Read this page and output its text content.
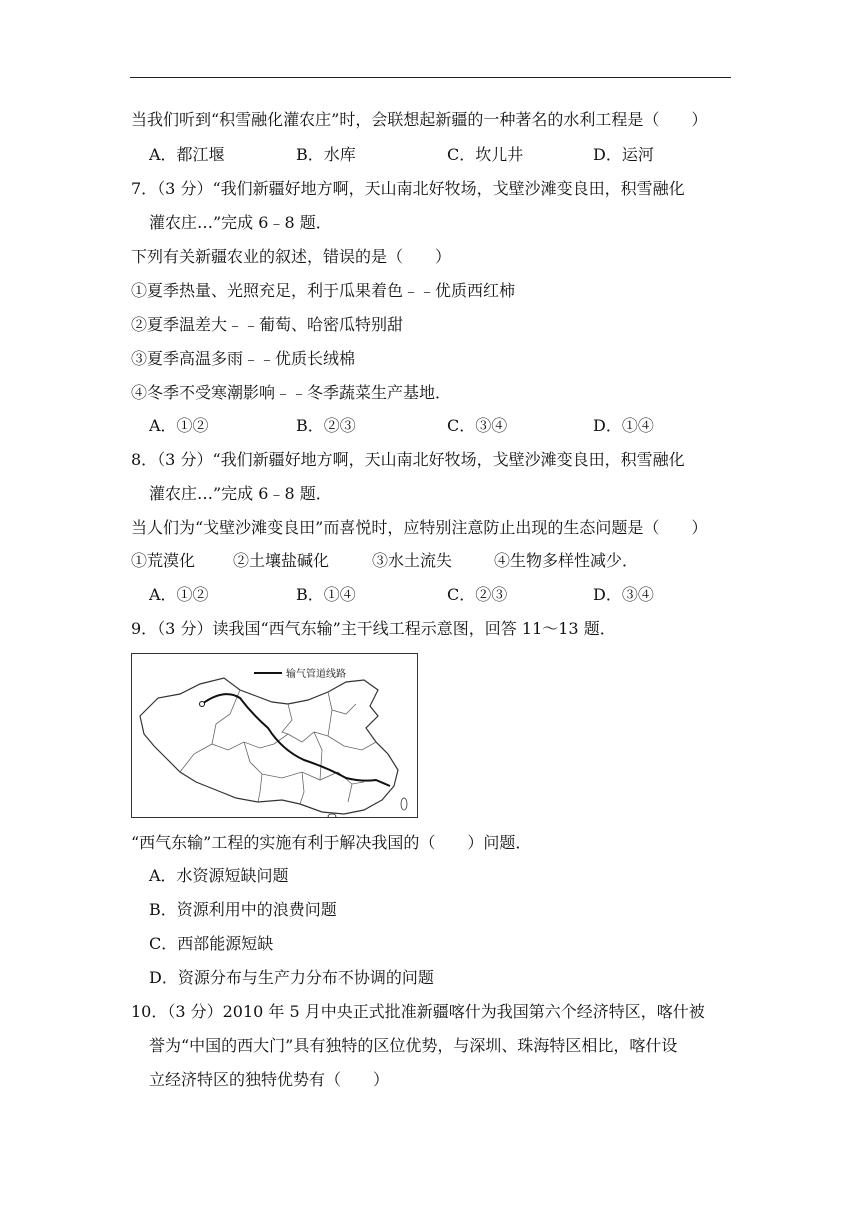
当我们听到“积雪融化灌农庄”时，会联想起新疆的一种著名的水利工程是（　　）
A．都江堰	B．水库	C．坎儿井	D．运河
7．（3 分）“我们新疆好地方啊，天山南北好牧场，戈壁沙滩变良田，积雪融化
灌农庄…”完成 6﹣8 题．
下列有关新疆农业的叙述，错误的是（　　）
①夏季热量、光照充足，利于瓜果着色﹣﹣优质西红柿
②夏季温差大﹣﹣葡萄、哈密瓜特别甜
③夏季高温多雨﹣﹣优质长绒棉
④冬季不受寒潮影响﹣﹣冬季蔬菜生产基地．
A．①②	B．②③	C．③④	D．①④
8．（3 分）“我们新疆好地方啊，天山南北好牧场，戈壁沙滩变良田，积雪融化
灌农庄…”完成 6﹣8 题．
当人们为“戈壁沙滩变良田”而喜悦时，应特别注意防止出现的生态问题是（　　）
①荒漠化 ②土壤盐碱化	③水土流失	④生物多样性减少．
A．①②	B．①④	C．②③	D．③④
9．（3 分）读我国“西气东输”主干线工程示意图，回答 11～13 题．
输气管道线路
“西气东输”工程的实施有利于解决我国的（　　）问题．
A．水资源短缺问题
B．资源利用中的浪费问题
C．西部能源短缺
D．资源分布与生产力分布不协调的问题
10．（3 分）2010 年 5 月中央正式批准新疆喀什为我国第六个经济特区，喀什被
誉为“中国的西大门”具有独特的区位优势，与深圳、珠海特区相比，喀什设
立经济特区的独特优势有（　　）
